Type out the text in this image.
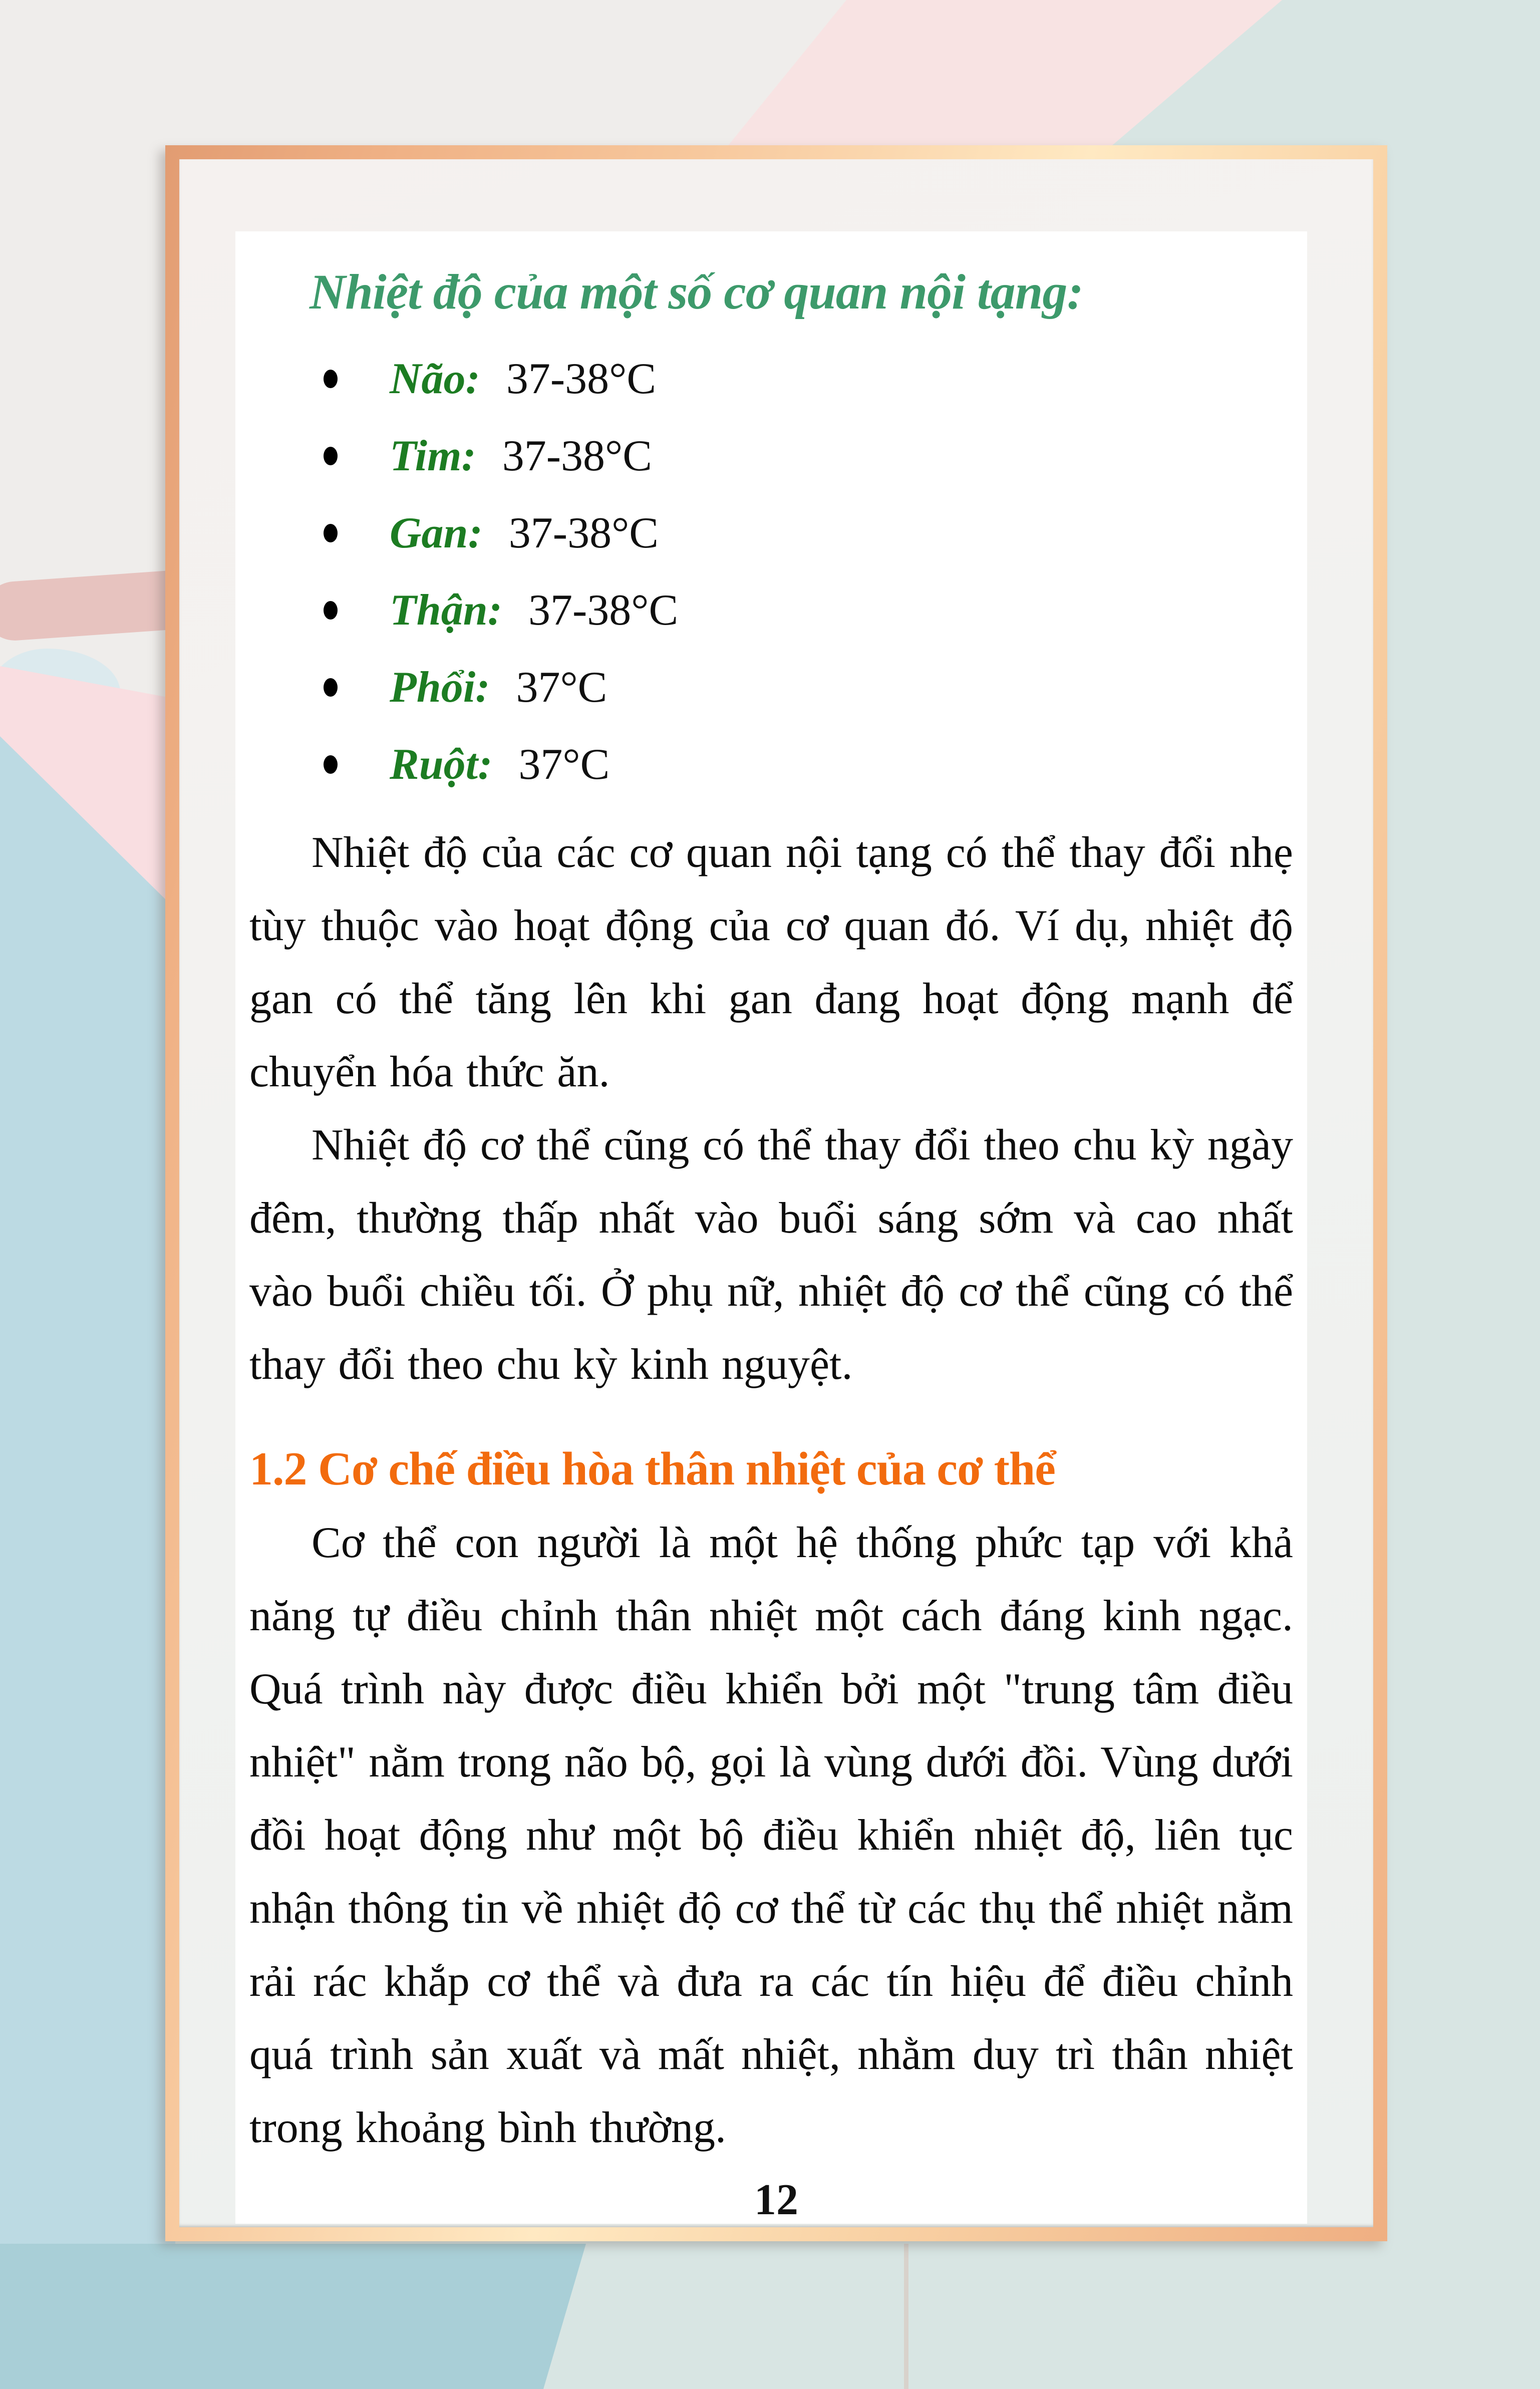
Nhiệt độ của một số cơ quan nội tạng:
Não: 37-38°C
Tim: 37-38°C
Gan: 37-38°C
Thận: 37-38°C
Phổi: 37°C
Ruột: 37°C

Nhiệt độ của các cơ quan nội tạng có thể thay đổi nhẹ tùy thuộc vào hoạt động của cơ quan đó. Ví dụ, nhiệt độ gan có thể tăng lên khi gan đang hoạt động mạnh để chuyển hóa thức ăn.

Nhiệt độ cơ thể cũng có thể thay đổi theo chu kỳ ngày đêm, thường thấp nhất vào buổi sáng sớm và cao nhất vào buổi chiều tối. Ở phụ nữ, nhiệt độ cơ thể cũng có thể thay đổi theo chu kỳ kinh nguyệt.

1.2 Cơ chế điều hòa thân nhiệt của cơ thể

Cơ thể con người là một hệ thống phức tạp với khả năng tự điều chỉnh thân nhiệt một cách đáng kinh ngạc. Quá trình này được điều khiển bởi một "trung tâm điều nhiệt" nằm trong não bộ, gọi là vùng dưới đồi. Vùng dưới đồi hoạt động như một bộ điều khiển nhiệt độ, liên tục nhận thông tin về nhiệt độ cơ thể từ các thụ thể nhiệt nằm rải rác khắp cơ thể và đưa ra các tín hiệu để điều chỉnh quá trình sản xuất và mất nhiệt, nhằm duy trì thân nhiệt trong khoảng bình thường.

12
